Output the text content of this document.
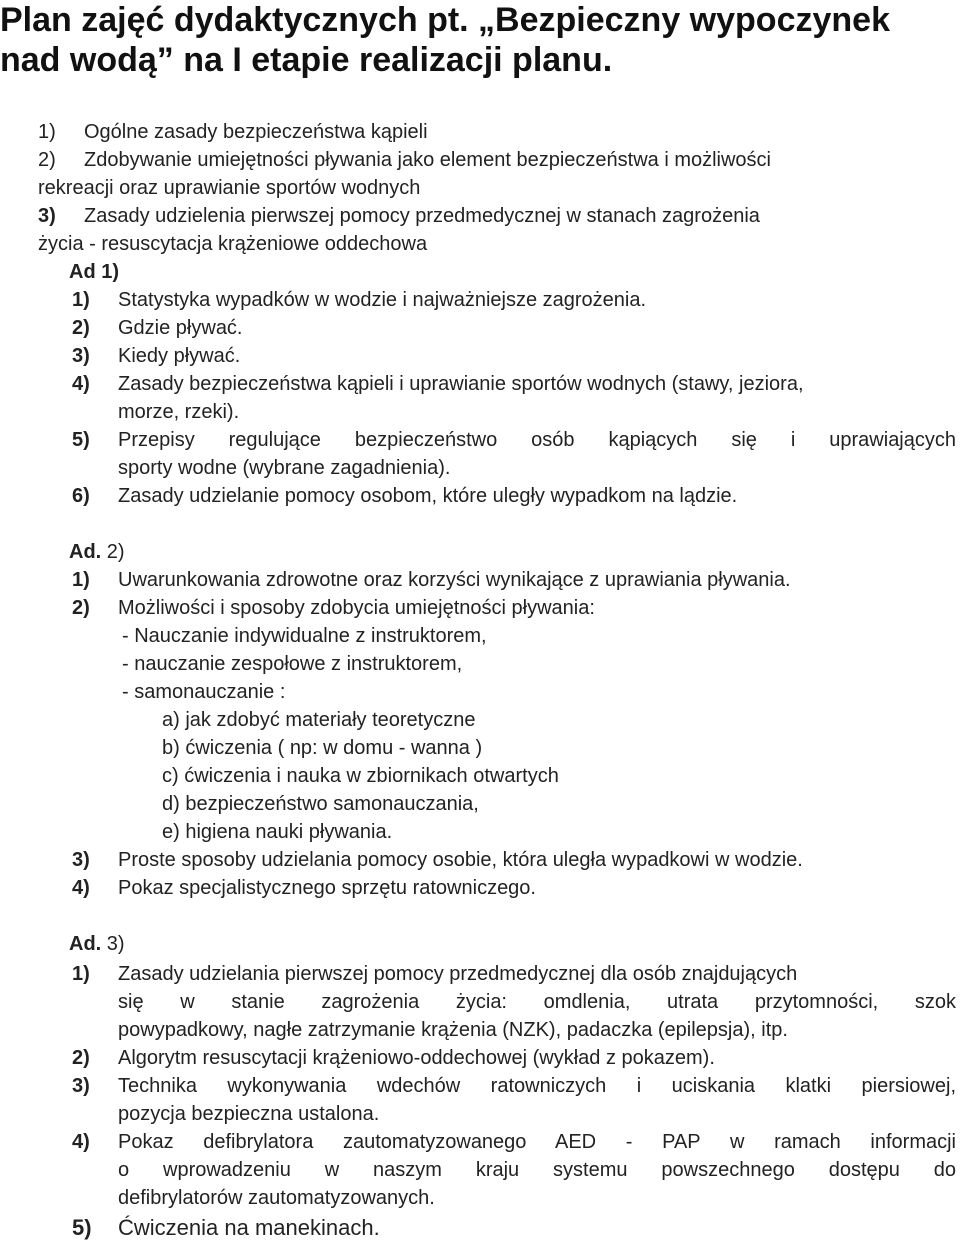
Plan zajęć dydaktycznych pt. „Bezpieczny wypoczynek
nad wodą” na I etapie realizacji planu.
1) Ogólne zasady bezpieczeństwa kąpieli
2) Zdobywanie umiejętności pływania jako element bezpieczeństwa i możliwości
rekreacji oraz uprawianie sportów wodnych
3) Zasady udzielenia pierwszej pomocy przedmedycznej w stanach zagrożenia
życia - resuscytacja krążeniowe oddechowa
Ad 1)
1) Statystyka wypadków w wodzie i najważniejsze zagrożenia.
2) Gdzie pływać.
3) Kiedy pływać.
4) Zasady bezpieczeństwa kąpieli i uprawianie sportów wodnych (stawy, jeziora,
morze, rzeki).
5)	Przepisy regulujące bezpieczeństwo osób kąpiących się i uprawiających
sporty wodne (wybrane zagadnienia).
6) Zasady udzielanie pomocy osobom, które uległy wypadkom na lądzie.
Ad. 2)
1) Uwarunkowania zdrowotne oraz korzyści wynikające z uprawiania pływania.
2) Możliwości i sposoby zdobycia umiejętności pływania:
- Nauczanie indywidualne z instruktorem,
- nauczanie zespołowe z instruktorem,
- samonauczanie :
a) jak zdobyć materiały teoretyczne
b) ćwiczenia ( np: w domu - wanna )
c) ćwiczenia i nauka w zbiornikach otwartych
d) bezpieczeństwo samonauczania,
e) higiena nauki pływania.
3) Proste sposoby udzielania pomocy osobie, która uległa wypadkowi w wodzie.
4) Pokaz specjalistycznego sprzętu ratowniczego.
Ad. 3)
1) Zasady udzielania pierwszej pomocy przedmedycznej dla osób znajdujących
się w stanie zagrożenia życia: omdlenia, utrata przytomności, szok
powypadkowy, nagłe zatrzymanie krążenia (NZK), padaczka (epilepsja), itp.
2) Algorytm resuscytacji krążeniowo-oddechowej (wykład z pokazem).
3)	Technika wykonywania wdechów ratowniczych i uciskania klatki piersiowej,
pozycja bezpieczna ustalona.
4)	Pokaz defibrylatora zautomatyzowanego AED - PAP w ramach informacji
o wprowadzeniu w naszym kraju systemu powszechnego dostępu do
defibrylatorów zautomatyzowanych.
5) Ćwiczenia na manekinach.
